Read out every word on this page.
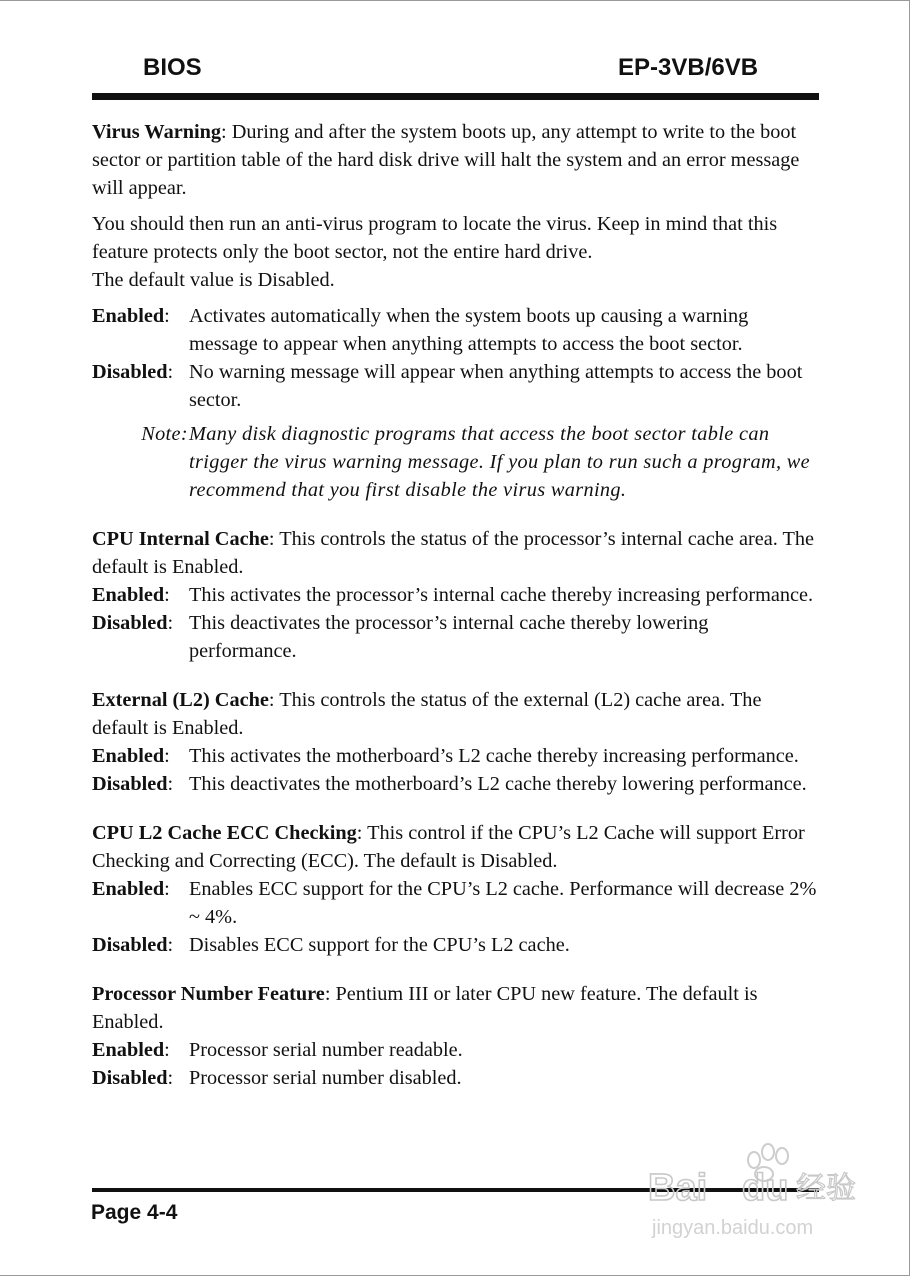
BIOS	EP-3VB/6VB

Virus Warning: During and after the system boots up, any attempt to write to the boot sector or partition table of the hard disk drive will halt the system and an error message will appear.

You should then run an anti-virus program to locate the virus. Keep in mind that this feature protects only the boot sector, not the entire hard drive.

The default value is Disabled.

Enabled: Activates automatically when the system boots up causing a warning message to appear when anything attempts to access the boot sector.
Disabled: No warning message will appear when anything attempts to access the boot sector.
Note: Many disk diagnostic programs that access the boot sector table can trigger the virus warning message. If you plan to run such a program, we recommend that you first disable the virus warning.

CPU Internal Cache: This controls the status of the processor’s internal cache area. The default is Enabled.

Enabled: This activates the processor’s internal cache thereby increasing performance.
Disabled: This deactivates the processor’s internal cache thereby lowering performance.

External (L2) Cache: This controls the status of the external (L2) cache area. The default is Enabled.

Enabled: This activates the motherboard’s L2 cache thereby increasing performance.
Disabled: This deactivates the motherboard’s L2 cache thereby lowering performance.

CPU L2 Cache ECC Checking: This control if the CPU’s L2 Cache will support Error Checking and Correcting (ECC). The default is Disabled.

Enabled: Enables ECC support for the CPU’s L2 cache. Performance will decrease 2% ~ 4%.
Disabled: Disables ECC support for the CPU’s L2 cache.

Processor Number Feature: Pentium III or later CPU new feature. The default is Enabled.

Enabled: Processor serial number readable.
Disabled: Processor serial number disabled.
Page 4-4
Bai du 经验
jingyan.baidu.com
